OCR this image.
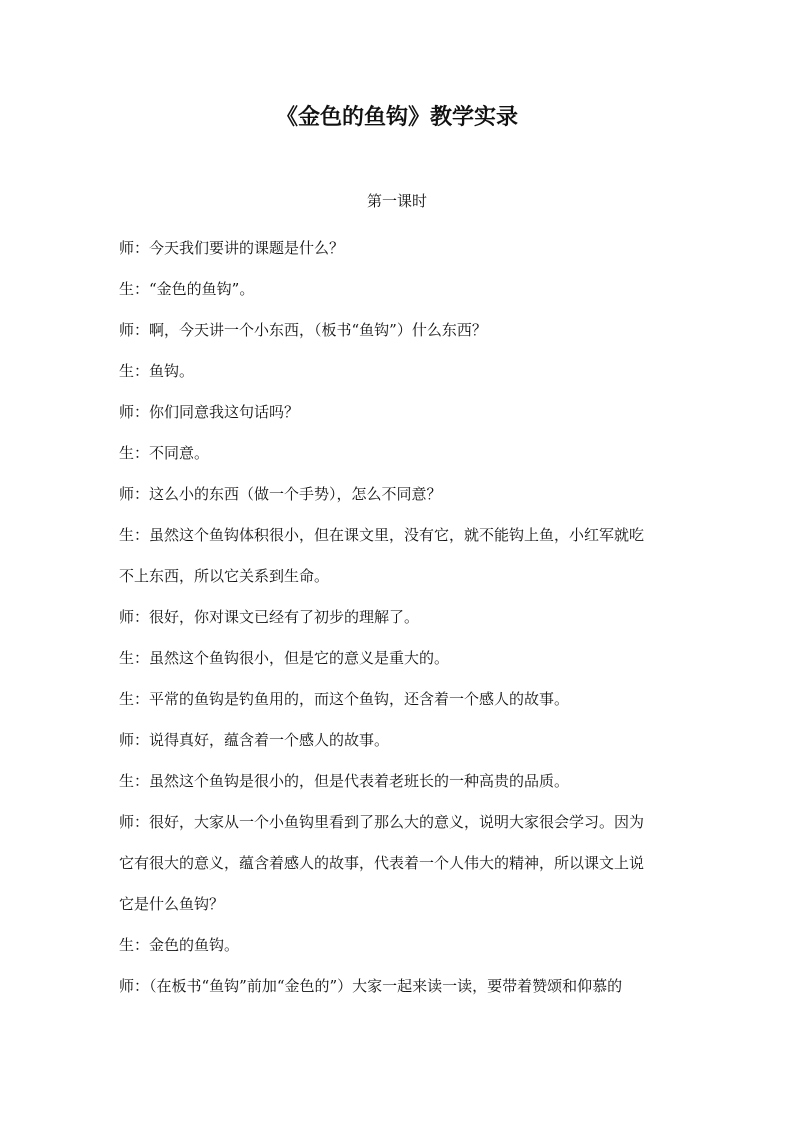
《金色的鱼钩》教学实录
第一课时
师：今天我们要讲的课题是什么？
生：“金色的鱼钩”。
师：啊，今天讲一个小东西，（板书“鱼钩”）什么东西？
生：鱼钩。
师：你们同意我这句话吗？
生：不同意。
师：这么小的东西（做一个手势），怎么不同意？
生：虽然这个鱼钩体积很小，但在课文里，没有它，就不能钩上鱼，小红军就吃
不上东西，所以它关系到生命。
师：很好，你对课文已经有了初步的理解了。
生：虽然这个鱼钩很小，但是它的意义是重大的。
生：平常的鱼钩是钓鱼用的，而这个鱼钩，还含着一个感人的故事。
师：说得真好，蕴含着一个感人的故事。
生：虽然这个鱼钩是很小的，但是代表着老班长的一种高贵的品质。
师：很好，大家从一个小鱼钩里看到了那么大的意义，说明大家很会学习。因为
它有很大的意义，蕴含着感人的故事，代表着一个人伟大的精神，所以课文上说
它是什么鱼钩？
生：金色的鱼钩。
师：（在板书“鱼钩”前加“金色的”）大家一起来读一读，要带着赞颂和仰慕的
